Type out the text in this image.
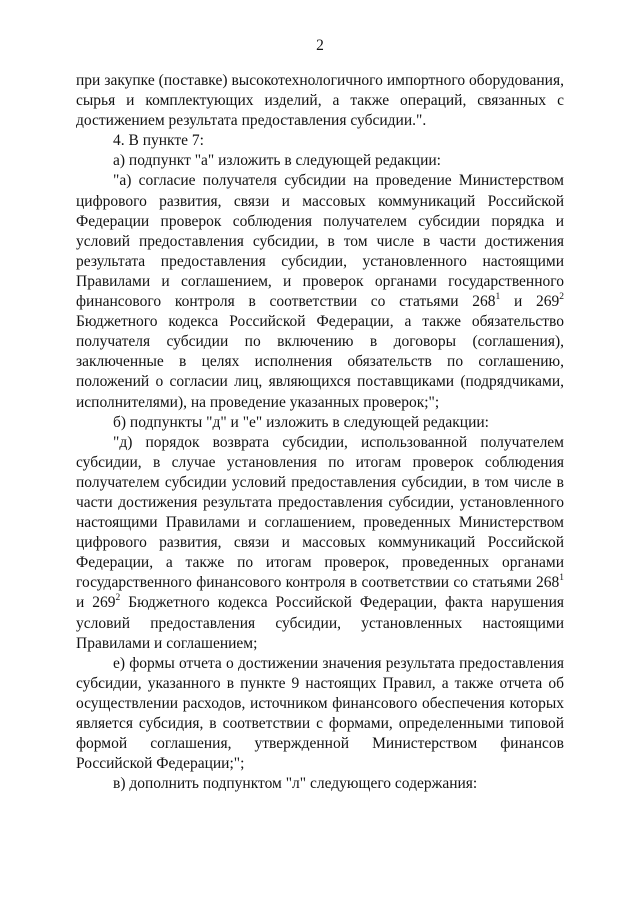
2

при закупке (поставке) высокотехнологичного импортного оборудования, сырья и комплектующих изделий, а также операций, связанных с достижением результата предоставления субсидии.".

4. В пункте 7:

а) подпункт "а" изложить в следующей редакции:

"а) согласие получателя субсидии на проведение Министерством цифрового развития, связи и массовых коммуникаций Российской Федерации проверок соблюдения получателем субсидии порядка и условий предоставления субсидии, в том числе в части достижения результата предоставления субсидии, установленного настоящими Правилами и соглашением, и проверок органами государственного финансового контроля в соответствии со статьями $268^1$ и $269^2$ Бюджетного кодекса Российской Федерации, а также обязательство получателя субсидии по включению в договоры (соглашения), заключенные в целях исполнения обязательств по соглашению, положений о согласии лиц, являющихся поставщиками (подрядчиками, исполнителями), на проведение указанных проверок;";

б) подпункты "д" и "е" изложить в следующей редакции:

"д) порядок возврата субсидии, использованной получателем субсидии, в случае установления по итогам проверок соблюдения получателем субсидии условий предоставления субсидии, в том числе в части достижения результата предоставления субсидии, установленного настоящими Правилами и соглашением, проведенных Министерством цифрового развития, связи и массовых коммуникаций Российской Федерации, а также по итогам проверок, проведенных органами государственного финансового контроля в соответствии со статьями $268^1$ и $269^2$ Бюджетного кодекса Российской Федерации, факта нарушения условий предоставления субсидии, установленных настоящими Правилами и соглашением;

е) формы отчета о достижении значения результата предоставления субсидии, указанного в пункте 9 настоящих Правил, а также отчета об осуществлении расходов, источником финансового обеспечения которых является субсидия, в соответствии с формами, определенными типовой формой соглашения, утвержденной Министерством финансов Российской Федерации;";

в) дополнить подпунктом "л" следующего содержания:
